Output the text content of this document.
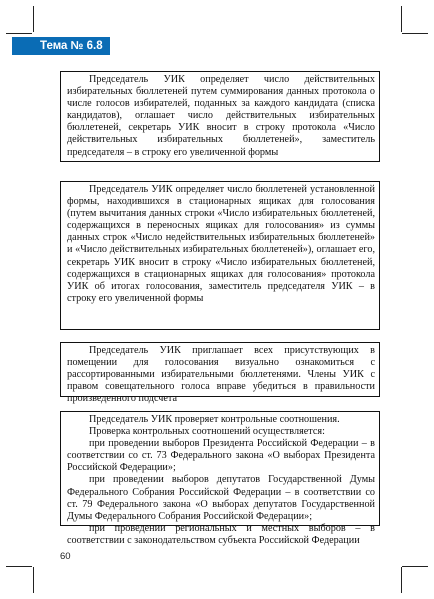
Тема № 6.8

Председатель УИК определяет число действительных избирательных бюллетеней путем суммирования данных протокола о числе голосов избирателей, поданных за каждого кандидата (списка кандидатов), оглашает число действительных избирательных бюллетеней, секретарь УИК вносит в строку протокола «Число действительных избирательных бюллетеней», заместитель председателя – в строку его увеличенной формы

Председатель УИК определяет число бюллетеней установленной формы, находившихся в стационарных ящиках для голосования (путем вычитания данных строки «Число избирательных бюллетеней, содержащихся в переносных ящиках для голосования» из суммы данных строк «Число недействительных избирательных бюллетеней» и «Число действительных избирательных бюллетеней»), оглашает его, секретарь УИК вносит в строку «Число избирательных бюллетеней, содержащихся в стационарных ящиках для голосования» протокола УИК об итогах голосования, заместитель председателя УИК – в строку его увеличенной формы

Председатель УИК приглашает всех присутствующих в помещении для голосования визуально ознакомиться с рассортированными избирательными бюллетенями. Члены УИК с правом совещательного голоса вправе убедиться в правильности произведенного подсчета

Председатель УИК проверяет контрольные соотношения.

Проверка контрольных соотношений осуществляется:

при проведении выборов Президента Российской Федерации – в соответствии со ст. 73 Федерального закона «О выборах Президента Российской Федерации»;

при проведении выборов депутатов Государственной Думы Федерального Собрания Российской Федерации – в соответствии со ст. 79 Федерального закона «О выборах депутатов Государственной Думы Федерального Собрания Российской Федерации»;

при проведении региональных и местных выборов – в соответствии с законодательством субъекта Российской Федерации

60
